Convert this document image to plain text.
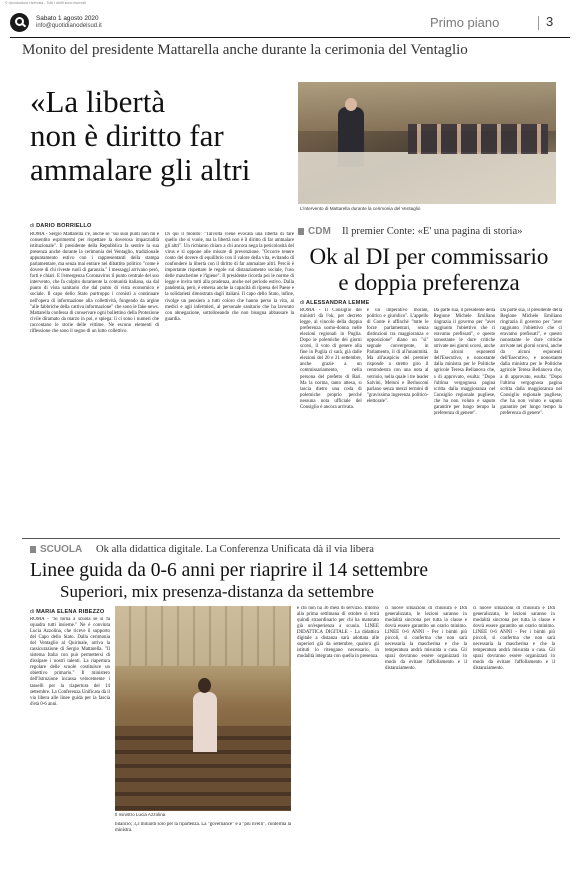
© riproduzione riservata - Tutti i diritti sono riservati
Sabato 1 agosto 2020
info@quotidianodelsud.it	Primo piano	3
Monito del presidente Mattarella anche durante la cerimonia del Ventaglio
«La libertà
non è diritto far
ammalare gli altri
di DARIO BORRIELLO

ROMA - Sergio Mattarella c'è, anche se "sui suoi punti non mi è consentito esprimermi per rispettare la doverosa imparzialità istituzionale". Il presidente della Repubblica fa sentire la sua presenza anche durante la cerimonia del Ventaglio, tradizionale appuntamento estivo con i rappresentanti della stampa parlamentare, ma senza mai entrare nel dibattito politico "come è dovere di chi riveste ruoli di garanzia." I messaggi arrivano però, forti e chiari. E l'emergenza Coronavirus il punto centrale del suo intervento, che fa colpito duramente la comunità italiana, sia dal punto di vista sanitario che dal punto di vista economico e sociale. Il capo dello Stato purtroppo i cronisti a continuare nell'opera di informazione alla collettività, fungendo da argine "alle fabbriche della cattiva informazione" che sono le fake news. Mattarella confessa di conservare ogni bollettino della Protezione civile diramato da marzo in poi, e spiega: lì ci sono i numeri che raccontano le storie delle vittime. Ne escono elementi di riflessione che sono il segno di un lutto collettivo.

Di qui il monito: "Talvolta viene evocata una libertà di fare quello che si vuole, ma la libertà non è il diritto di far ammalare gli altri". Un richiamo chiaro a chi ancora nega la pericolosità del virus e si oppone alle misure di prevenzione. "Occorre tenere conto del dovere di equilibrio con il valore della vita, evitando di confondere la libertà con il diritto di far ammalare altri. Perciò è importante rispettare le regole sul distanziamento sociale, l'uso delle mascherine e l'igiene". Il presidente ricorda poi le norme di legge e invita tutti alla prudenza, anche nel periodo estivo. Dalla pandemia, però, è emersa anche la capacità di ripresa del Paese e la solidarietà dimostrata dagli italiani. Il capo dello Stato, infine, rivolge un pensiero a tutti coloro che hanno perso la vita, ai medici e agli infermieri, al personale sanitario che ha lavorato con abnegazione, sottolineando che non bisogna abbassare la guardia.

L'intervento di Mattarella durante la cerimonia del Ventaglio
CDM Il premier Conte: «E' una pagina di storia»
Ok al DI per commissario
e doppia preferenza
di ALESSANDRA LEMME

ROMA - Il Consiglio dei ministri dà l'ok, per decreto legge, al vincolo della doppia preferenza uomo-donna nelle elezioni regionali in Puglia. Dopo le polemiche dei giorni scorsi, il voto di genere alla fine in Puglia ci sarà, già dalle elezioni del 20 e 21 settembre, anche grazie a un commissariamento, nella persona del prefetto di Bari. Ma la norma, tanto attesa, si lascia dietro una coda di polemiche proprio perché nessuna nota ufficiale del Consiglio è ancora arrivata.

è un imperativo morale, politico e giuridico". L'appello di Conte è affinché "tutte le forze parlamentari, senza distinzioni tra maggioranza e opposizione" diano un "sì" segnale convergente, in Parlamento, il di all'unanimità. Ma all'auspicio del premier risponde a stretto giro il centrodestra con una nota al vetriolo, nella quale i tre leader Salvini, Meloni e Berlusconi parlano senza mezzi termini di "gravissima ingerenza politico-elettorale".

Da parte sua, il presidente della Regione Michele Emiliano ringrazia il governo per "aver raggiunto l'obiettivo che ci eravamo prefissati", e questo nonostante le dure critiche arrivate nei giorni scorsi, anche da alcuni esponenti dell'Esecutivo, e nonostante dalla ministra per le Politiche agricole Teresa Bellanova che, a di approvato, esulta: "Dopo l'ultima vergognosa pagina scritta dalla maggioranza nel Consiglio regionale pugliese, che ha non voluto e saputo garantire per lungo tempo la preferenza di genere".

Da parte sua, il presidente della Regione Michele Emiliano ringrazia il governo per "aver raggiunto l'obiettivo che ci eravamo prefissati", e questo nonostante le dure critiche arrivate nei giorni scorsi, anche da alcuni esponenti dell'Esecutivo, e nonostante dalla ministra per le Politiche agricole Teresa Bellanova che, a di approvato, esulta: "Dopo l'ultima vergognosa pagina scritta dalla maggioranza nel Consiglio regionale pugliese, che ha non voluto e saputo garantire per lungo tempo la preferenza di genere".

SCUOLA Ok alla didattica digitale. La Conferenza Unificata dà il via libera
Linee guida da 0-6 anni per riaprire il 14 settembre
Superiori, mix presenza-distanza da settembre
di MARIA ELENA RIBEZZO

ROMA - "Si torna a scuola se si fa squadra tutti insieme." Ne è convinta Lucia Azzolina, che riceve il supporto del Capo dello Stato. Dalla cerimonia del Ventaglio al Quirinale, arriva la rassicurazione di Sergio Mattarella. "Il sistema Italia con può permettersi di dissipare i nostri talenti. La riapertura regolare delle scuole costituisce un obiettivo primario." Il ministero dell'Istruzione incassa velocemente i tasselli per la riapertura del 14 settembre. La Conferenza Unificata dà il via libera alle linee guida per la fascia d'età 0-6 anni.

Il ministro Lucia Azzolina

bilancio; 3,3 miliardi solo per la ripartenza. La "governance" è a "più livelli", conferma la ministra.

e chi non ha 36 mesi di servizio. Intorno alla prima settimana di ottobre si terrà quindi straordinario per chi ha maturato già un'esperienza a scuola. LINEE DIDATTICA DIGITALE - La didattica digitale a distanza sarà adottata alle superiori già da settembre, qualora gli istituti lo ritengano necessario, in modalità integrata con quella in presenza.

ci nuove situazioni di chiusura e Ddi generalizzata, le lezioni saranno in modalità sincrona per tutta la classe e dovrà essere garantito un orario minimo. LINEE 0-6 ANNI - Per i bimbi più piccoli, si conferma che non sarà necessaria la mascherina e che la temperatura andrà misurata a casa. Gli spazi dovranno essere organizzati in modo da evitare l'affollamento e il distanziamento.

ci nuove situazioni di chiusura e Ddi generalizzata, le lezioni saranno in modalità sincrona per tutta la classe e dovrà essere garantito un orario minimo. LINEE 0-6 ANNI - Per i bimbi più piccoli, si conferma che non sarà necessaria la mascherina e che la temperatura andrà misurata a casa. Gli spazi dovranno essere organizzati in modo da evitare l'affollamento e il distanziamento.
